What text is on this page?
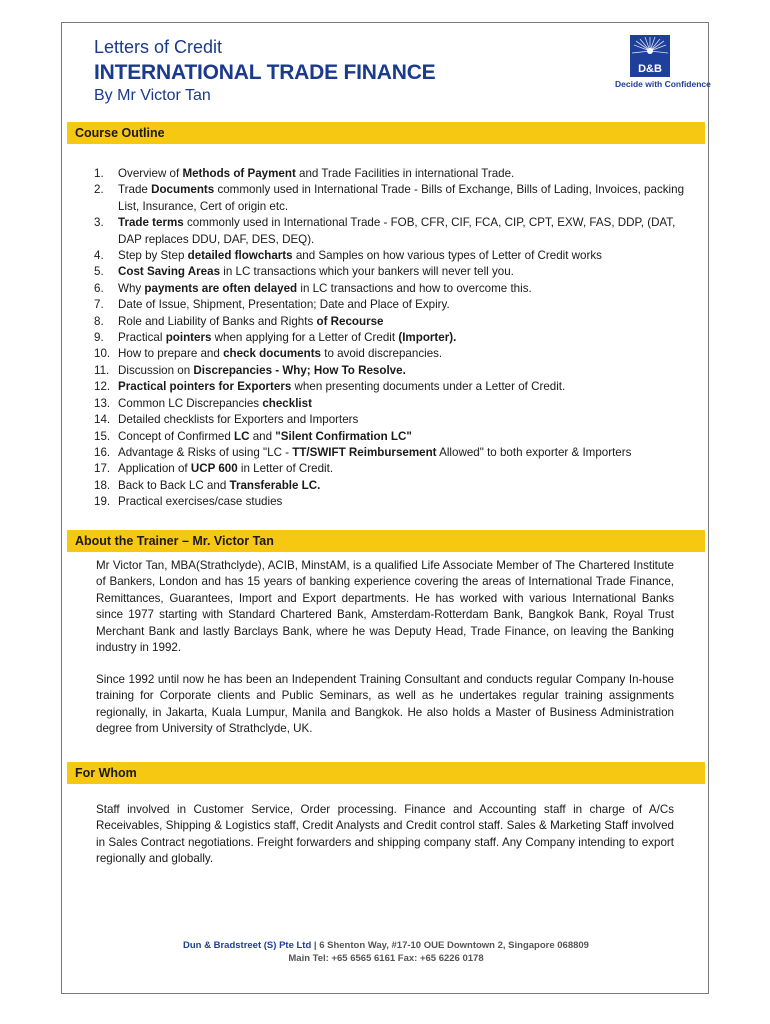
Letters of Credit
INTERNATIONAL TRADE FINANCE
By Mr Victor Tan
D&B
Decide with Confidence
Course Outline
1. Overview of Methods of Payment and Trade Facilities in international Trade.
2. Trade Documents commonly used in International Trade - Bills of Exchange, Bills of Lading, Invoices, packing List, Insurance, Cert of origin etc.
3. Trade terms commonly used in International Trade - FOB, CFR, CIF, FCA, CIP, CPT, EXW, FAS, DDP, (DAT, DAP replaces DDU, DAF, DES, DEQ).
4. Step by Step detailed flowcharts and Samples on how various types of Letter of Credit works
5. Cost Saving Areas in LC transactions which your bankers will never tell you.
6. Why payments are often delayed in LC transactions and how to overcome this.
7. Date of Issue, Shipment, Presentation; Date and Place of Expiry.
8. Role and Liability of Banks and Rights of Recourse
9. Practical pointers when applying for a Letter of Credit (Importer).
10. How to prepare and check documents to avoid discrepancies.
11. Discussion on Discrepancies - Why; How To Resolve.
12. Practical pointers for Exporters when presenting documents under a Letter of Credit.
13. Common LC Discrepancies checklist
14. Detailed checklists for Exporters and Importers
15. Concept of Confirmed LC and "Silent Confirmation LC"
16. Advantage & Risks of using "LC - TT/SWIFT Reimbursement Allowed" to both exporter & Importers
17. Application of UCP 600 in Letter of Credit.
18. Back to Back LC and Transferable LC.
19. Practical exercises/case studies
About the Trainer – Mr. Victor Tan

Mr Victor Tan, MBA(Strathclyde), ACIB, MinstAM, is a qualified Life Associate Member of The Chartered Institute of Bankers, London and has 15 years of banking experience covering the areas of International Trade Finance, Remittances, Guarantees, Import and Export departments. He has worked with various International Banks since 1977 starting with Standard Chartered Bank, Amsterdam-Rotterdam Bank, Bangkok Bank, Royal Trust Merchant Bank and lastly Barclays Bank, where he was Deputy Head, Trade Finance, on leaving the Banking industry in 1992.

Since 1992 until now he has been an Independent Training Consultant and conducts regular Company In-house training for Corporate clients and Public Seminars, as well as he undertakes regular training assignments regionally, in Jakarta, Kuala Lumpur, Manila and Bangkok. He also holds a Master of Business Administration degree from University of Strathclyde, UK.

For Whom

Staff involved in Customer Service, Order processing. Finance and Accounting staff in charge of A/Cs Receivables, Shipping & Logistics staff, Credit Analysts and Credit control staff. Sales & Marketing Staff involved in Sales Contract negotiations. Freight forwarders and shipping company staff. Any Company intending to export regionally and globally.

Dun & Bradstreet (S) Pte Ltd | 6 Shenton Way, #17-10 OUE Downtown 2, Singapore 068809
Main Tel: +65 6565 6161 Fax: +65 6226 0178
